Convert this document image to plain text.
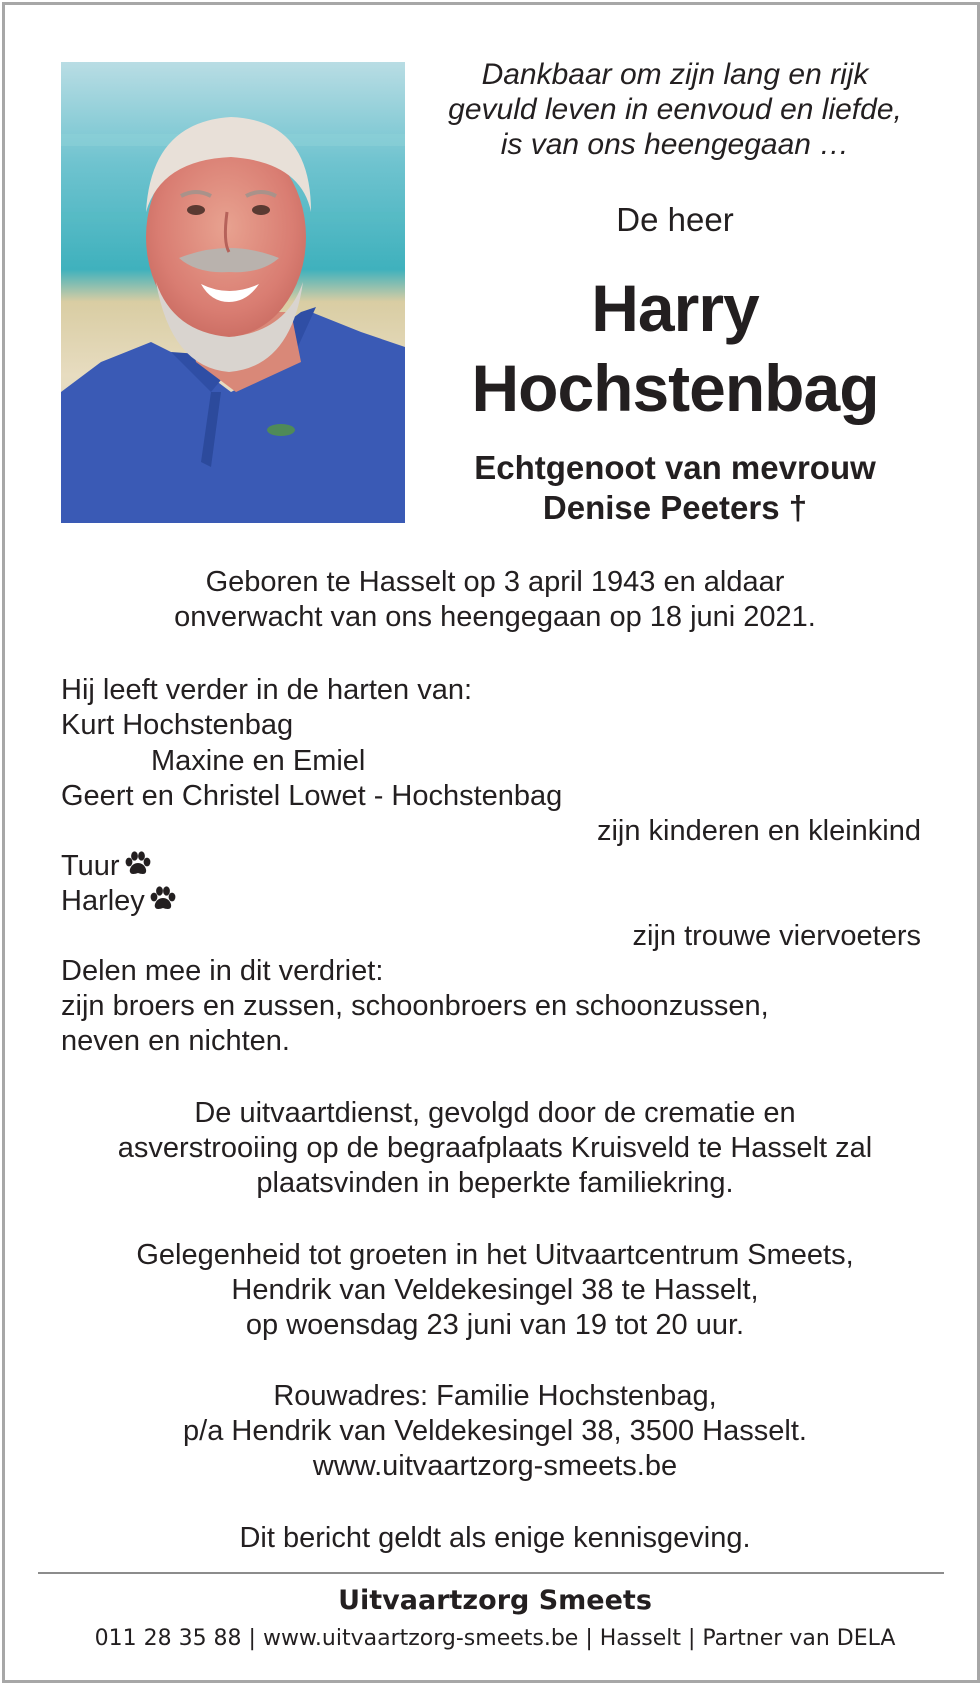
Dankbaar om zijn lang en rijk
gevuld leven in eenvoud en liefde,
is van ons heengegaan …
De heer
Harry
Hochstenbag
Echtgenoot van mevrouw
Denise Peeters †
Geboren te Hasselt op 3 april 1943 en aldaar
onverwacht van ons heengegaan op 18 juni 2021.
Hij leeft verder in de harten van:
Kurt Hochstenbag
Maxine en Emiel
Geert en Christel Lowet - Hochstenbag
zijn kinderen en kleinkind
Tuur
Harley
zijn trouwe viervoeters
Delen mee in dit verdriet:
zijn broers en zussen, schoonbroers en schoonzussen,
neven en nichten.
De uitvaartdienst, gevolgd door de crematie en
asverstrooiing op de begraafplaats Kruisveld te Hasselt zal
plaatsvinden in beperkte familiekring.
Gelegenheid tot groeten in het Uitvaartcentrum Smeets,
Hendrik van Veldekesingel 38 te Hasselt,
op woensdag 23 juni van 19 tot 20 uur.
Rouwadres: Familie Hochstenbag,
p/a Hendrik van Veldekesingel 38, 3500 Hasselt.
www.uitvaartzorg-smeets.be
Dit bericht geldt als enige kennisgeving.
Uitvaartzorg Smeets
011 28 35 88 | www.uitvaartzorg-smeets.be | Hasselt | Partner van DELA
